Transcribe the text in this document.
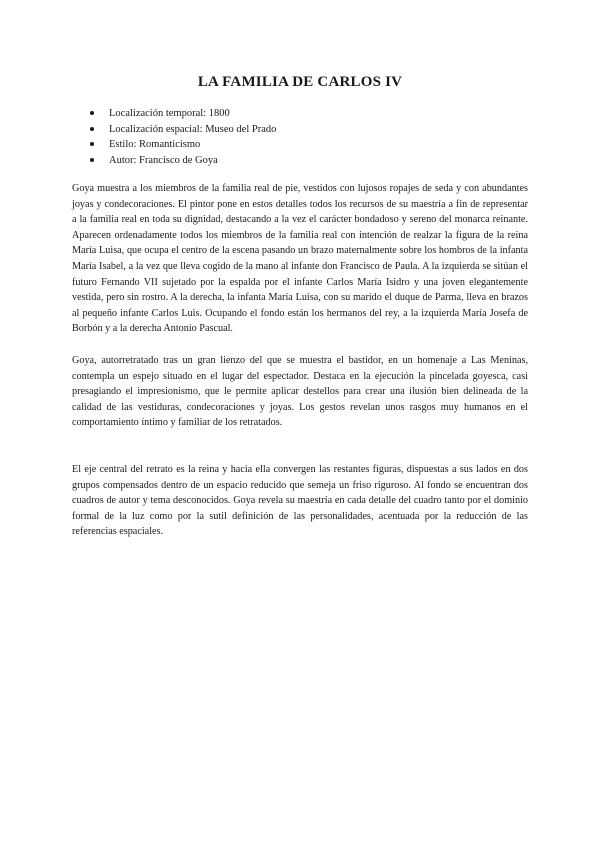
LA FAMILIA DE CARLOS IV
Localización temporal: 1800
Localización espacial: Museo del Prado
Estilo: Romanticismo
Autor: Francisco de Goya

Goya muestra a los miembros de la familia real de pie, vestidos con lujosos ropajes de seda y con abundantes joyas y condecoraciones. El pintor pone en estos detalles todos los recursos de su maestría a fin de representar a la familia real en toda su dignidad, destacando a la vez el carácter bondadoso y sereno del monarca reinante. Aparecen ordenadamente todos los miembros de la familia real con intención de realzar la figura de la reina María Luisa, que ocupa el centro de la escena pasando un brazo maternalmente sobre los hombros de la infanta María Isabel, a la vez que lleva cogido de la mano al infante don Francisco de Paula. A la izquierda se sitúan el futuro Fernando VII sujetado por la espalda por el infante Carlos María Isidro y una joven elegantemente vestida, pero sin rostro. A la derecha, la infanta María Luisa, con su marido el duque de Parma, lleva en brazos al pequeño infante Carlos Luis. Ocupando el fondo están los hermanos del rey, a la izquierda María Josefa de Borbón y a la derecha Antonio Pascual.

Goya, autorretratado tras un gran lienzo del que se muestra el bastidor, en un homenaje a Las Meninas, contempla un espejo situado en el lugar del espectador. Destaca en la ejecución la pincelada goyesca, casi presagiando el impresionismo, que le permite aplicar destellos para crear una ilusión bien delineada de la calidad de las vestiduras, condecoraciones y joyas. Los gestos revelan unos rasgos muy humanos en el comportamiento íntimo y familiar de los retratados.

El eje central del retrato es la reina y hacia ella convergen las restantes figuras, dispuestas a sus lados en dos grupos compensados dentro de un espacio reducido que semeja un friso riguroso. Al fondo se encuentran dos cuadros de autor y tema desconocidos. Goya revela su maestría en cada detalle del cuadro tanto por el dominio formal de la luz como por la sutil definición de las personalidades, acentuada por la reducción de las referencias espaciales.
